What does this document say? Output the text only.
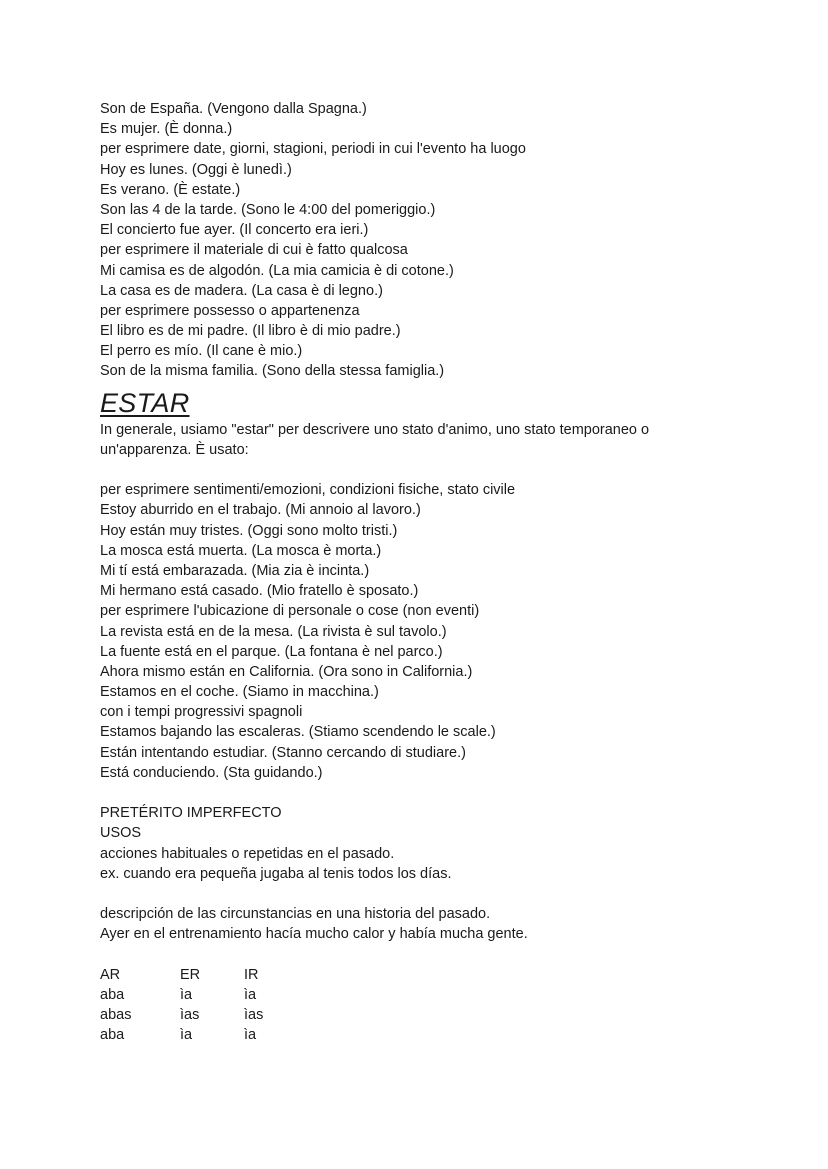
Son de España. (Vengono dalla Spagna.)
Es mujer. (È donna.)
per esprimere date, giorni, stagioni, periodi in cui l'evento ha luogo
Hoy es lunes. (Oggi è lunedì.)
Es verano. (È estate.)
Son las 4 de la tarde. (Sono le 4:00 del pomeriggio.)
El concierto fue ayer. (Il concerto era ieri.)
per esprimere il materiale di cui è fatto qualcosa
Mi camisa es de algodón. (La mia camicia è di cotone.)
La casa es de madera. (La casa è di legno.)
per esprimere possesso o appartenenza
El libro es de mi padre. (Il libro è di mio padre.)
El perro es mío. (Il cane è mio.)
Son de la misma familia. (Sono della stessa famiglia.)
ESTAR
In generale, usiamo "estar" per descrivere uno stato d'animo, uno stato temporaneo o un'apparenza. È usato:
per esprimere sentimenti/emozioni, condizioni fisiche, stato civile
Estoy aburrido en el trabajo. (Mi annoio al lavoro.)
Hoy están muy tristes. (Oggi sono molto tristi.)
La mosca está muerta. (La mosca è morta.)
Mi tí está embarazada. (Mia zia è incinta.)
Mi hermano está casado. (Mio fratello è sposato.)
per esprimere l'ubicazione di personale o cose (non eventi)
La revista está en de la mesa. (La rivista è sul tavolo.)
La fuente está en el parque. (La fontana è nel parco.)
Ahora mismo están en California. (Ora sono in California.)
Estamos en el coche. (Siamo in macchina.)
con i tempi progressivi spagnoli
Estamos bajando las escaleras. (Stiamo scendendo le scale.)
Están intentando estudiar. (Stanno cercando di studiare.)
Está conduciendo. (Sta guidando.)
PRETÉRITO IMPERFECTO
USOS
acciones habituales o repetidas en el pasado.
ex. cuando era pequeña jugaba al tenis todos los días.
descripción de las circunstancias en una historia del pasado.
Ayer en el entrenamiento hacía mucho calor y había mucha gente.
AR	ER	IR
aba	ìa	ìa
abas	ìas	ìas
aba	ìa	ìa
